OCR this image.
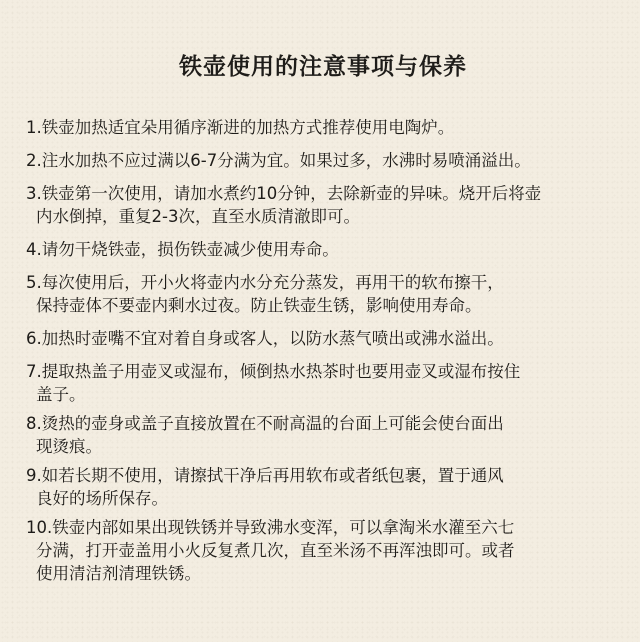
铁壶使用的注意事项与保养
1.铁壶加热适宜朵用循序渐进的加热方式推荐使用电陶炉。
2.注水加热不应过满以6-7分满为宜。如果过多，水沸时易喷涌溢出。
3.铁壶第一次使用，请加水煮约10分钟，去除新壶的异味。烧开后将壶
内水倒掉，重复2-3次，直至水质清澈即可。
4.请勿干烧铁壶，损伤铁壶减少使用寿命。
5.每次使用后，开小火将壶内水分充分蒸发，再用干的软布擦干，
保持壶体不要壶内剩水过夜。防止铁壶生锈，影响使用寿命。
6.加热时壶嘴不宜对着自身或客人，以防水蒸气喷出或沸水溢出。
7.提取热盖子用壶叉或湿布，倾倒热水热茶时也要用壶叉或湿布按住
盖子。
8.烫热的壶身或盖子直接放置在不耐高温的台面上可能会使台面出
现烫痕。
9.如若长期不使用，请擦拭干净后再用软布或者纸包裹，置于通风
良好的场所保存。
10.铁壶内部如果出现铁锈并导致沸水变浑，可以拿淘米水灌至六七
分满，打开壶盖用小火反复煮几次，直至米汤不再浑浊即可。或者
使用清洁剂清理铁锈。
